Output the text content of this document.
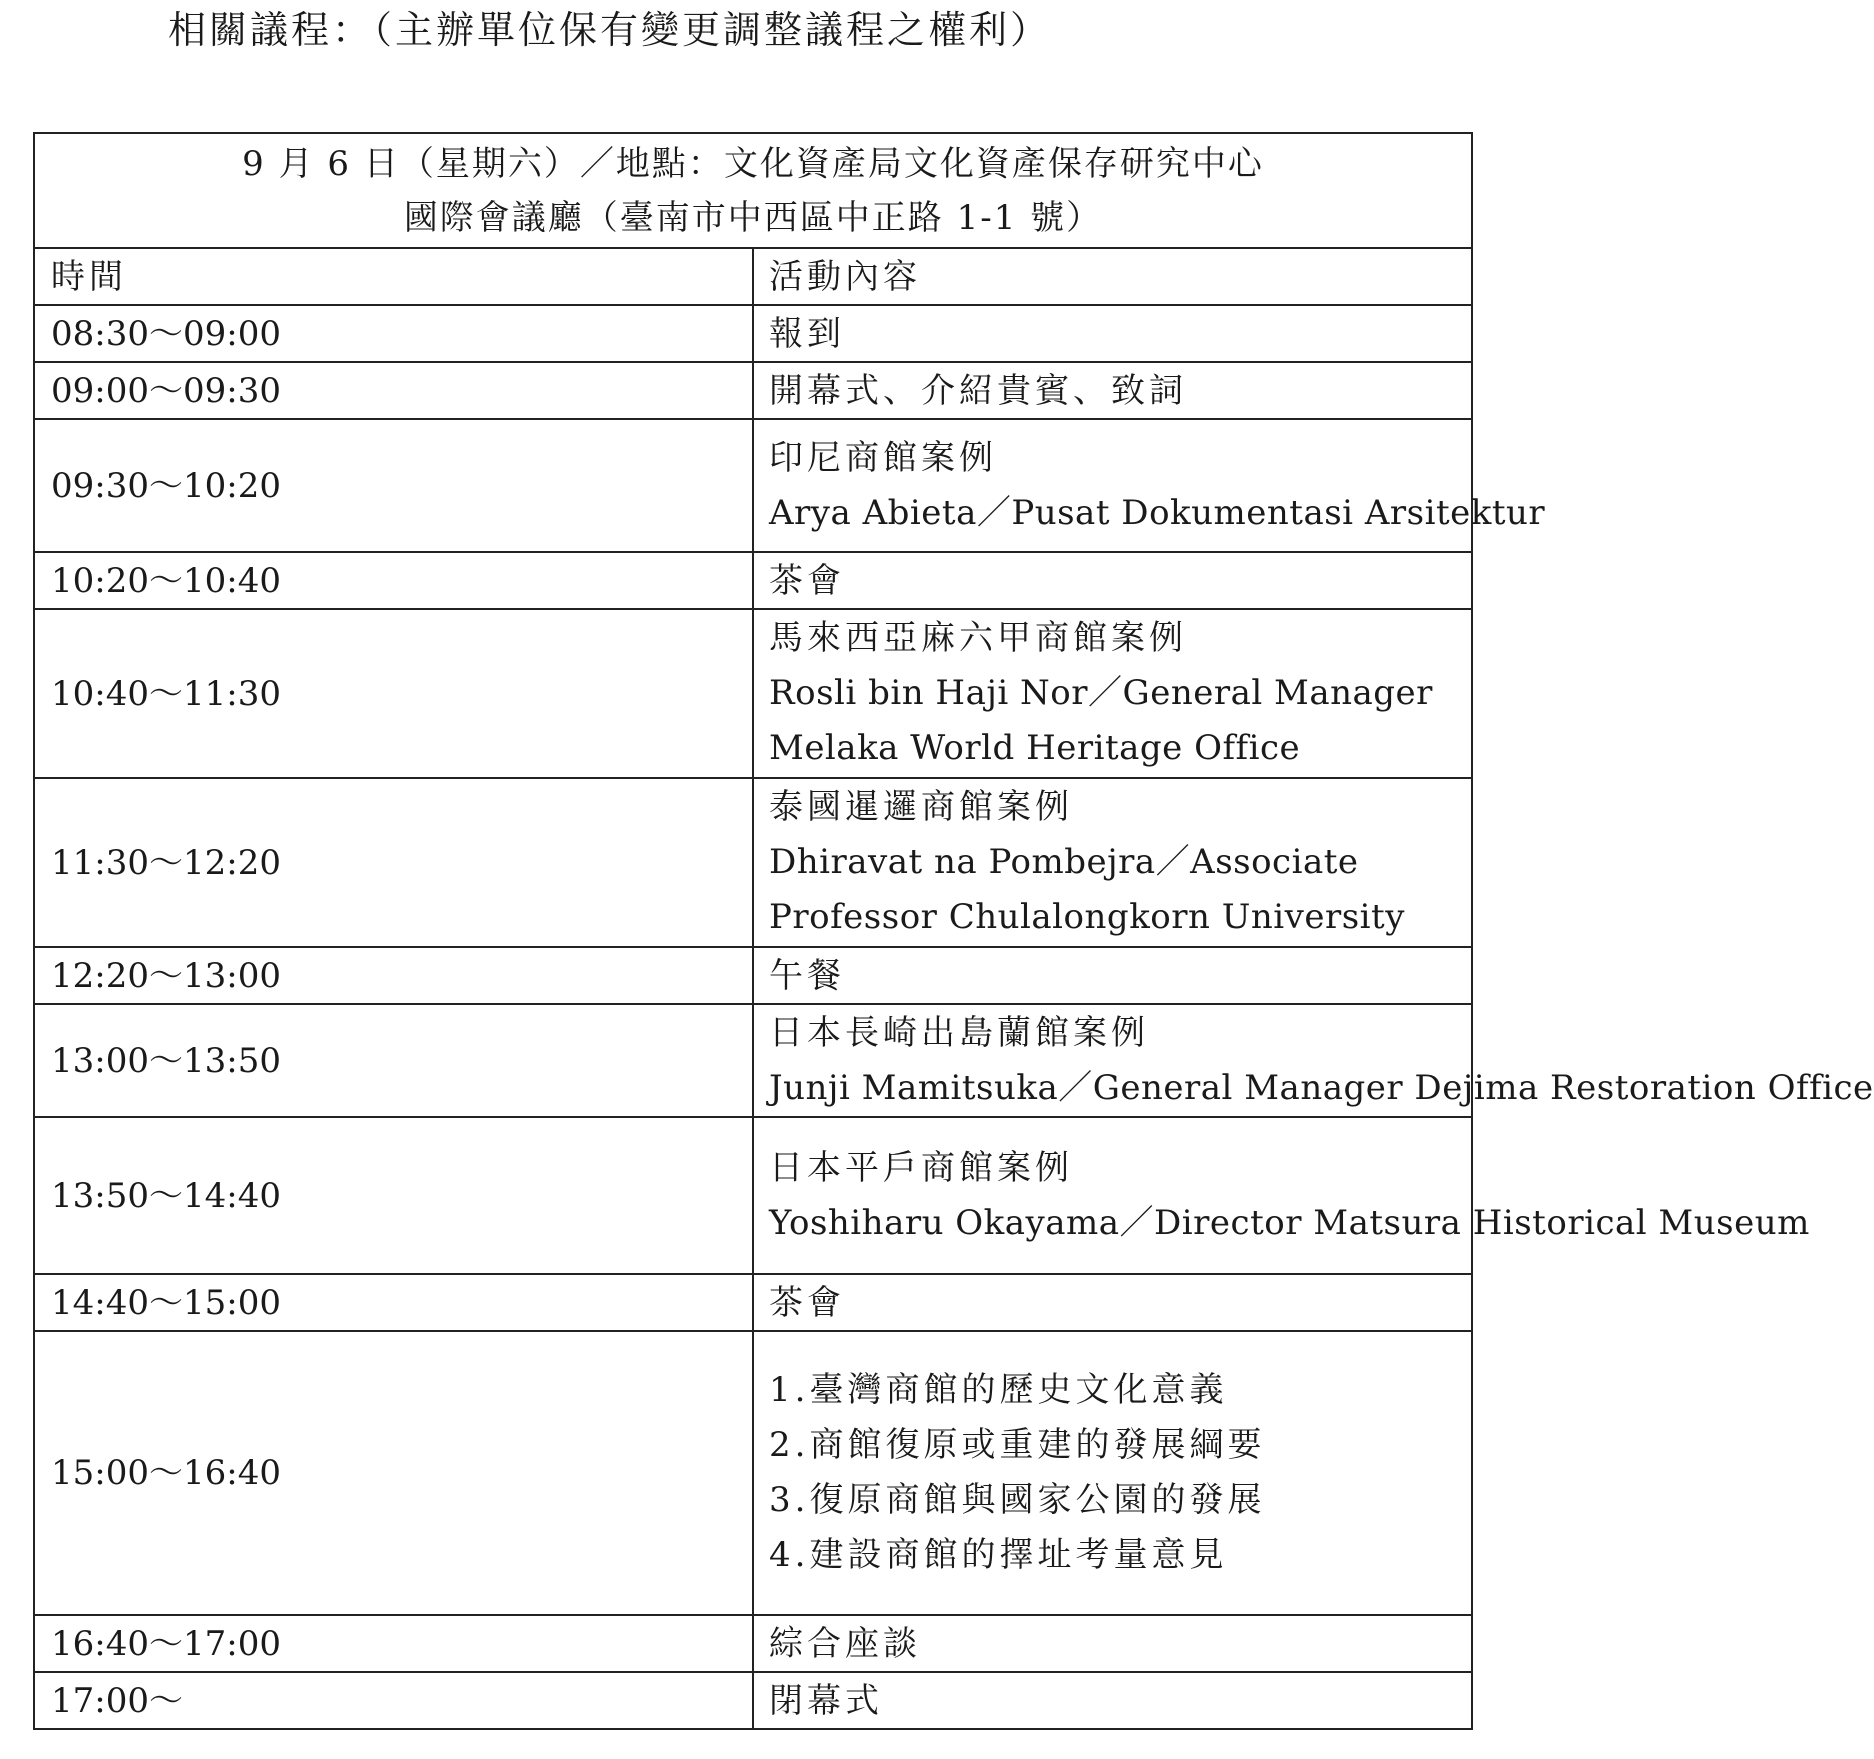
相關議程：（主辦單位保有變更調整議程之權利）
9 月 6 日（星期六）／地點：文化資產局文化資產保存研究中心
國際會議廳（臺南市中西區中正路 1-1 號）	

時間	活動內容
08:30～09:00	報到
09:00～09:30	開幕式、介紹貴賓、致詞
09:30～10:20	印尼商館案例
Arya Abieta／Pusat Dokumentasi Arsitektur

10:20～10:40	茶會
10:40～11:30	馬來西亞麻六甲商館案例
Rosli bin Haji Nor／General Manager Melaka World Heritage Office

11:30～12:20	泰國暹邏商館案例
Dhiravat na Pombejra／Associate Professor Chulalongkorn University

12:20～13:00	午餐
13:00～13:50	日本長崎出島蘭館案例
Junji Mamitsuka／General Manager Dejima Restoration Office

13:50～14:40	日本平戶商館案例
Yoshiharu Okayama／Director Matsura Historical Museum

14:40～15:00	茶會
15:00～16:40	1.臺灣商館的歷史文化意義
2.商館復原或重建的發展綱要
3.復原商館與國家公園的發展
4.建設商館的擇址考量意見

16:40～17:00	綜合座談
17:00～	閉幕式
